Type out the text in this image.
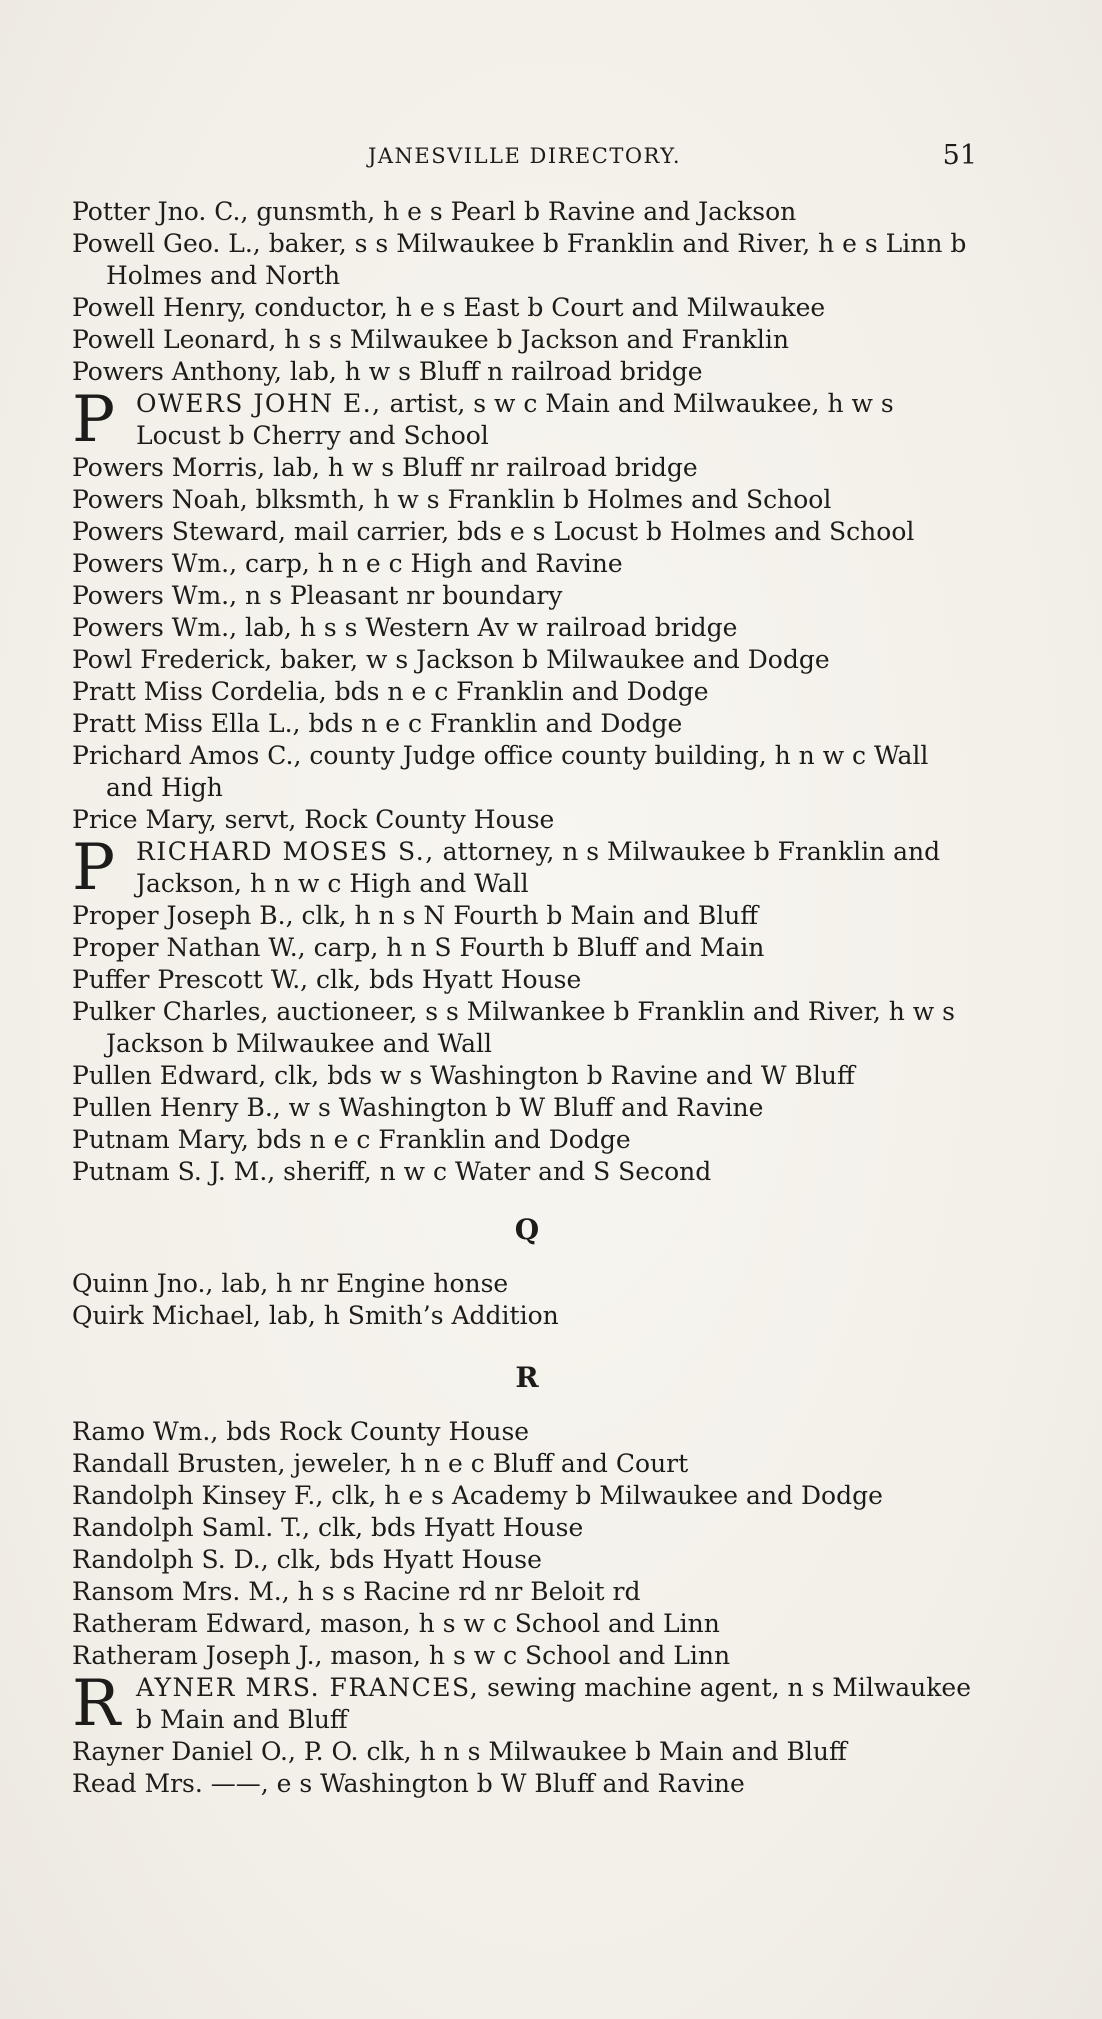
JANESVILLE DIRECTORY.	51
Potter Jno. C., gunsmth, h e s Pearl b Ravine and Jackson
Powell Geo. L., baker, s s Milwaukee b Franklin and River, h e s Linn b Holmes and North
Powell Henry, conductor, h e s East b Court and Milwaukee
Powell Leonard, h s s Milwaukee b Jackson and Franklin
Powers Anthony, lab, h w s Bluff n railroad bridge
P OWERS JOHN E., artist, s w c Main and Milwaukee, h w s Locust b Cherry and School
Powers Morris, lab, h w s Bluff nr railroad bridge
Powers Noah, blksmth, h w s Franklin b Holmes and School
Powers Steward, mail carrier, bds e s Locust b Holmes and School
Powers Wm., carp, h n e c High and Ravine
Powers Wm., n s Pleasant nr boundary
Powers Wm., lab, h s s Western Av w railroad bridge
Powl Frederick, baker, w s Jackson b Milwaukee and Dodge
Pratt Miss Cordelia, bds n e c Franklin and Dodge
Pratt Miss Ella L., bds n e c Franklin and Dodge
Prichard Amos C., county Judge office county building, h n w c Wall and High
Price Mary, servt, Rock County House
P RICHARD MOSES S., attorney, n s Milwaukee b Franklin and Jackson, h n w c High and Wall
Proper Joseph B., clk, h n s N Fourth b Main and Bluff
Proper Nathan W., carp, h n S Fourth b Bluff and Main
Puffer Prescott W., clk, bds Hyatt House
Pulker Charles, auctioneer, s s Milwankee b Franklin and River, h w s Jackson b Milwaukee and Wall
Pullen Edward, clk, bds w s Washington b Ravine and W Bluff
Pullen Henry B., w s Washington b W Bluff and Ravine
Putnam Mary, bds n e c Franklin and Dodge
Putnam S. J. M., sheriff, n w c Water and S Second
Q
Quinn Jno., lab, h nr Engine honse
Quirk Michael, lab, h Smith’s Addition
R
Ramo Wm., bds Rock County House
Randall Brusten, jeweler, h n e c Bluff and Court
Randolph Kinsey F., clk, h e s Academy b Milwaukee and Dodge
Randolph Saml. T., clk, bds Hyatt House
Randolph S. D., clk, bds Hyatt House
Ransom Mrs. M., h s s Racine rd nr Beloit rd
Ratheram Edward, mason, h s w c School and Linn
Ratheram Joseph J., mason, h s w c School and Linn
R AYNER MRS. FRANCES, sewing machine agent, n s Milwaukee b Main and Bluff
Rayner Daniel O., P. O. clk, h n s Milwaukee b Main and Bluff
Read Mrs. ——, e s Washington b W Bluff and Ravine
